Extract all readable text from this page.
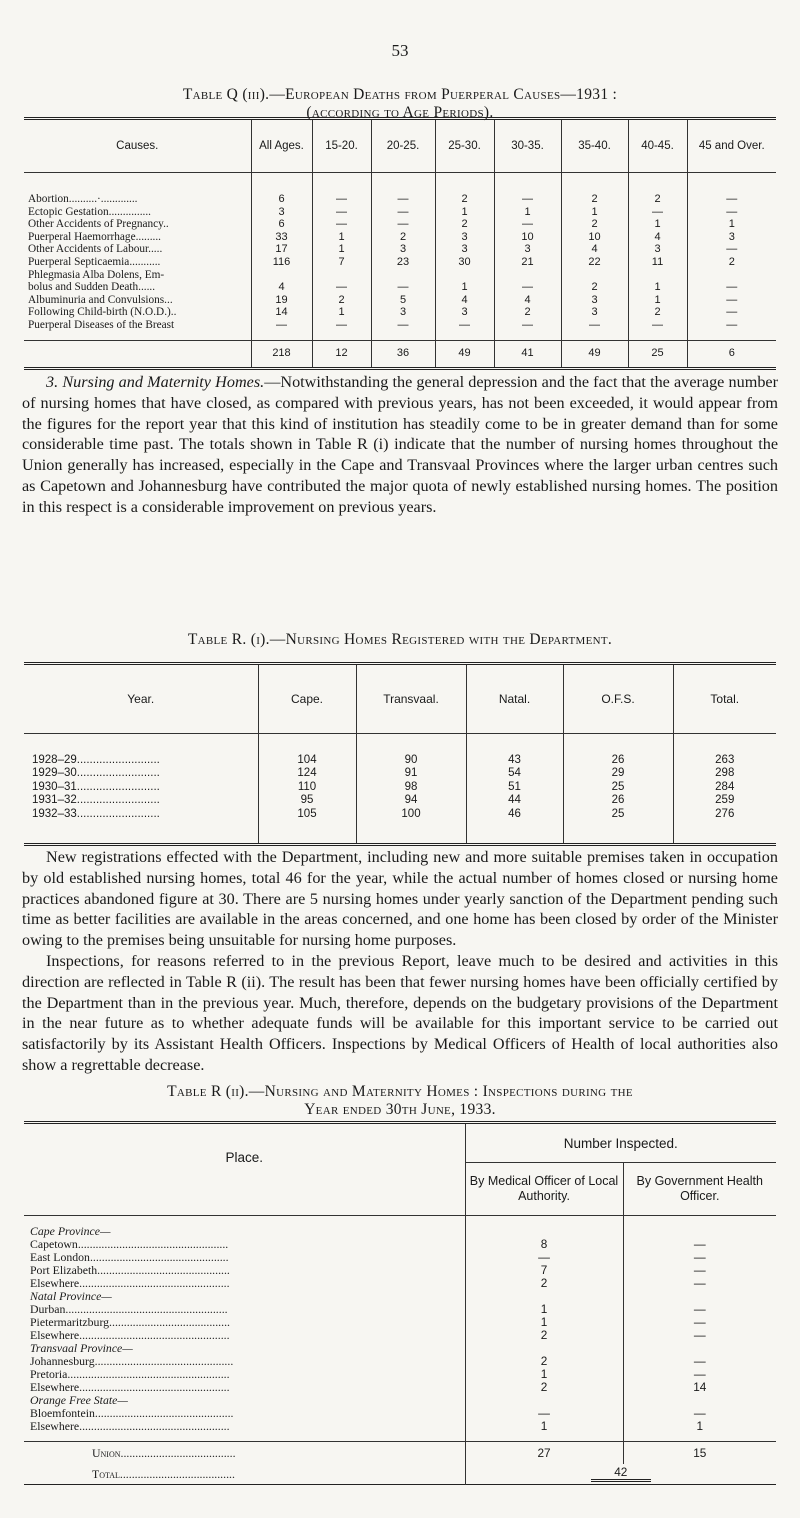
53
Table Q (iii).—European Deaths from Puerperal Causes—1931 :
(according to Age Periods).
Causes.	All Ages.	15-20.	20-25.	25-30.	30-35.	35-40.	40-45.	45 and Over.
Abortion..........·.............	6	—	—	2	—	2	2	—
Ectopic Gestation...............	3	—	—	1	1	1	—	—
Other Accidents of Pregnancy..	6	—	—	2	—	2	1	1
Puerperal Haemorrhage.........	33	1	2	3	10	10	4	3
Other Accidents of Labour.....	17	1	3	3	3	4	3	—
Puerperal Septicaemia...........	116	7	23	30	21	22	11	2
Phlegmasia Alba Dolens, Em-								
bolus and Sudden Death......	4	—	—	1	—	2	1	—
Albuminuria and Convulsions...	19	2	5	4	4	3	1	—
Following Child-birth (N.O.D.)..	14	1	3	3	2	3	2	—
Puerperal Diseases of the Breast	—	—	—	—	—	—	—	—
	218	12	36	49	41	49	25	6

3. Nursing and Maternity Homes.—Notwithstanding the general depression and the fact that the average number of nursing homes that have closed, as compared with previous years, has not been exceeded, it would appear from the figures for the report year that this kind of institution has steadily come to be in greater demand than for some considerable time past. The totals shown in Table R (i) indicate that the number of nursing homes throughout the Union generally has increased, especially in the Cape and Transvaal Provinces where the larger urban centres such as Capetown and Johannesburg have contributed the major quota of newly established nursing homes. The position in this respect is a considerable improvement on previous years.

Table R. (i).—Nursing Homes Registered with the Department.
Year.	Cape.	Transvaal.	Natal.	O.F.S.	Total.
1928–29..........................	104	90	43	26	263
1929–30..........................	124	91	54	29	298
1930–31..........................	110	98	51	25	284
1931–32..........................	95	94	44	26	259
1932–33..........................	105	100	46	25	276

New registrations effected with the Department, including new and more suitable premises taken in occupation by old established nursing homes, total 46 for the year, while the actual number of homes closed or nursing home practices abandoned figure at 30. There are 5 nursing homes under yearly sanction of the Department pending such time as better facilities are available in the areas concerned, and one home has been closed by order of the Minister owing to the premises being unsuitable for nursing home purposes.

Inspections, for reasons referred to in the previous Report, leave much to be desired and activities in this direction are reflected in Table R (ii). The result has been that fewer nursing homes have been officially certified by the Department than in the previous year. Much, therefore, depends on the budgetary provisions of the Department in the near future as to whether adequate funds will be available for this important service to be carried out satisfactorily by its Assistant Health Officers. Inspections by Medical Officers of Health of local authorities also show a regrettable decrease.

Table R (ii).—Nursing and Maternity Homes : Inspections during the
Year ended 30th June, 1933.
Place.	Number Inspected.	
	By Medical Officer of Local Authority.	By Government Health Officer.
Cape Province—		
Capetown...................................................	8	—
East London...............................................	—	—
Port Elizabeth.............................................	7	—
Elsewhere...................................................	2	—
Natal Province—		
Durban.......................................................	1	—
Pietermaritzburg.........................................	1	—
Elsewhere...................................................	2	—
Transvaal Province—		
Johannesburg...............................................	2	—
Pretoria.......................................................	1	—
Elsewhere...................................................	2	14
Orange Free State—		
Bloemfontein...............................................	—	—
Elsewhere...................................................	1	1
Union.......................................	27	15
Total.......................................	42	
